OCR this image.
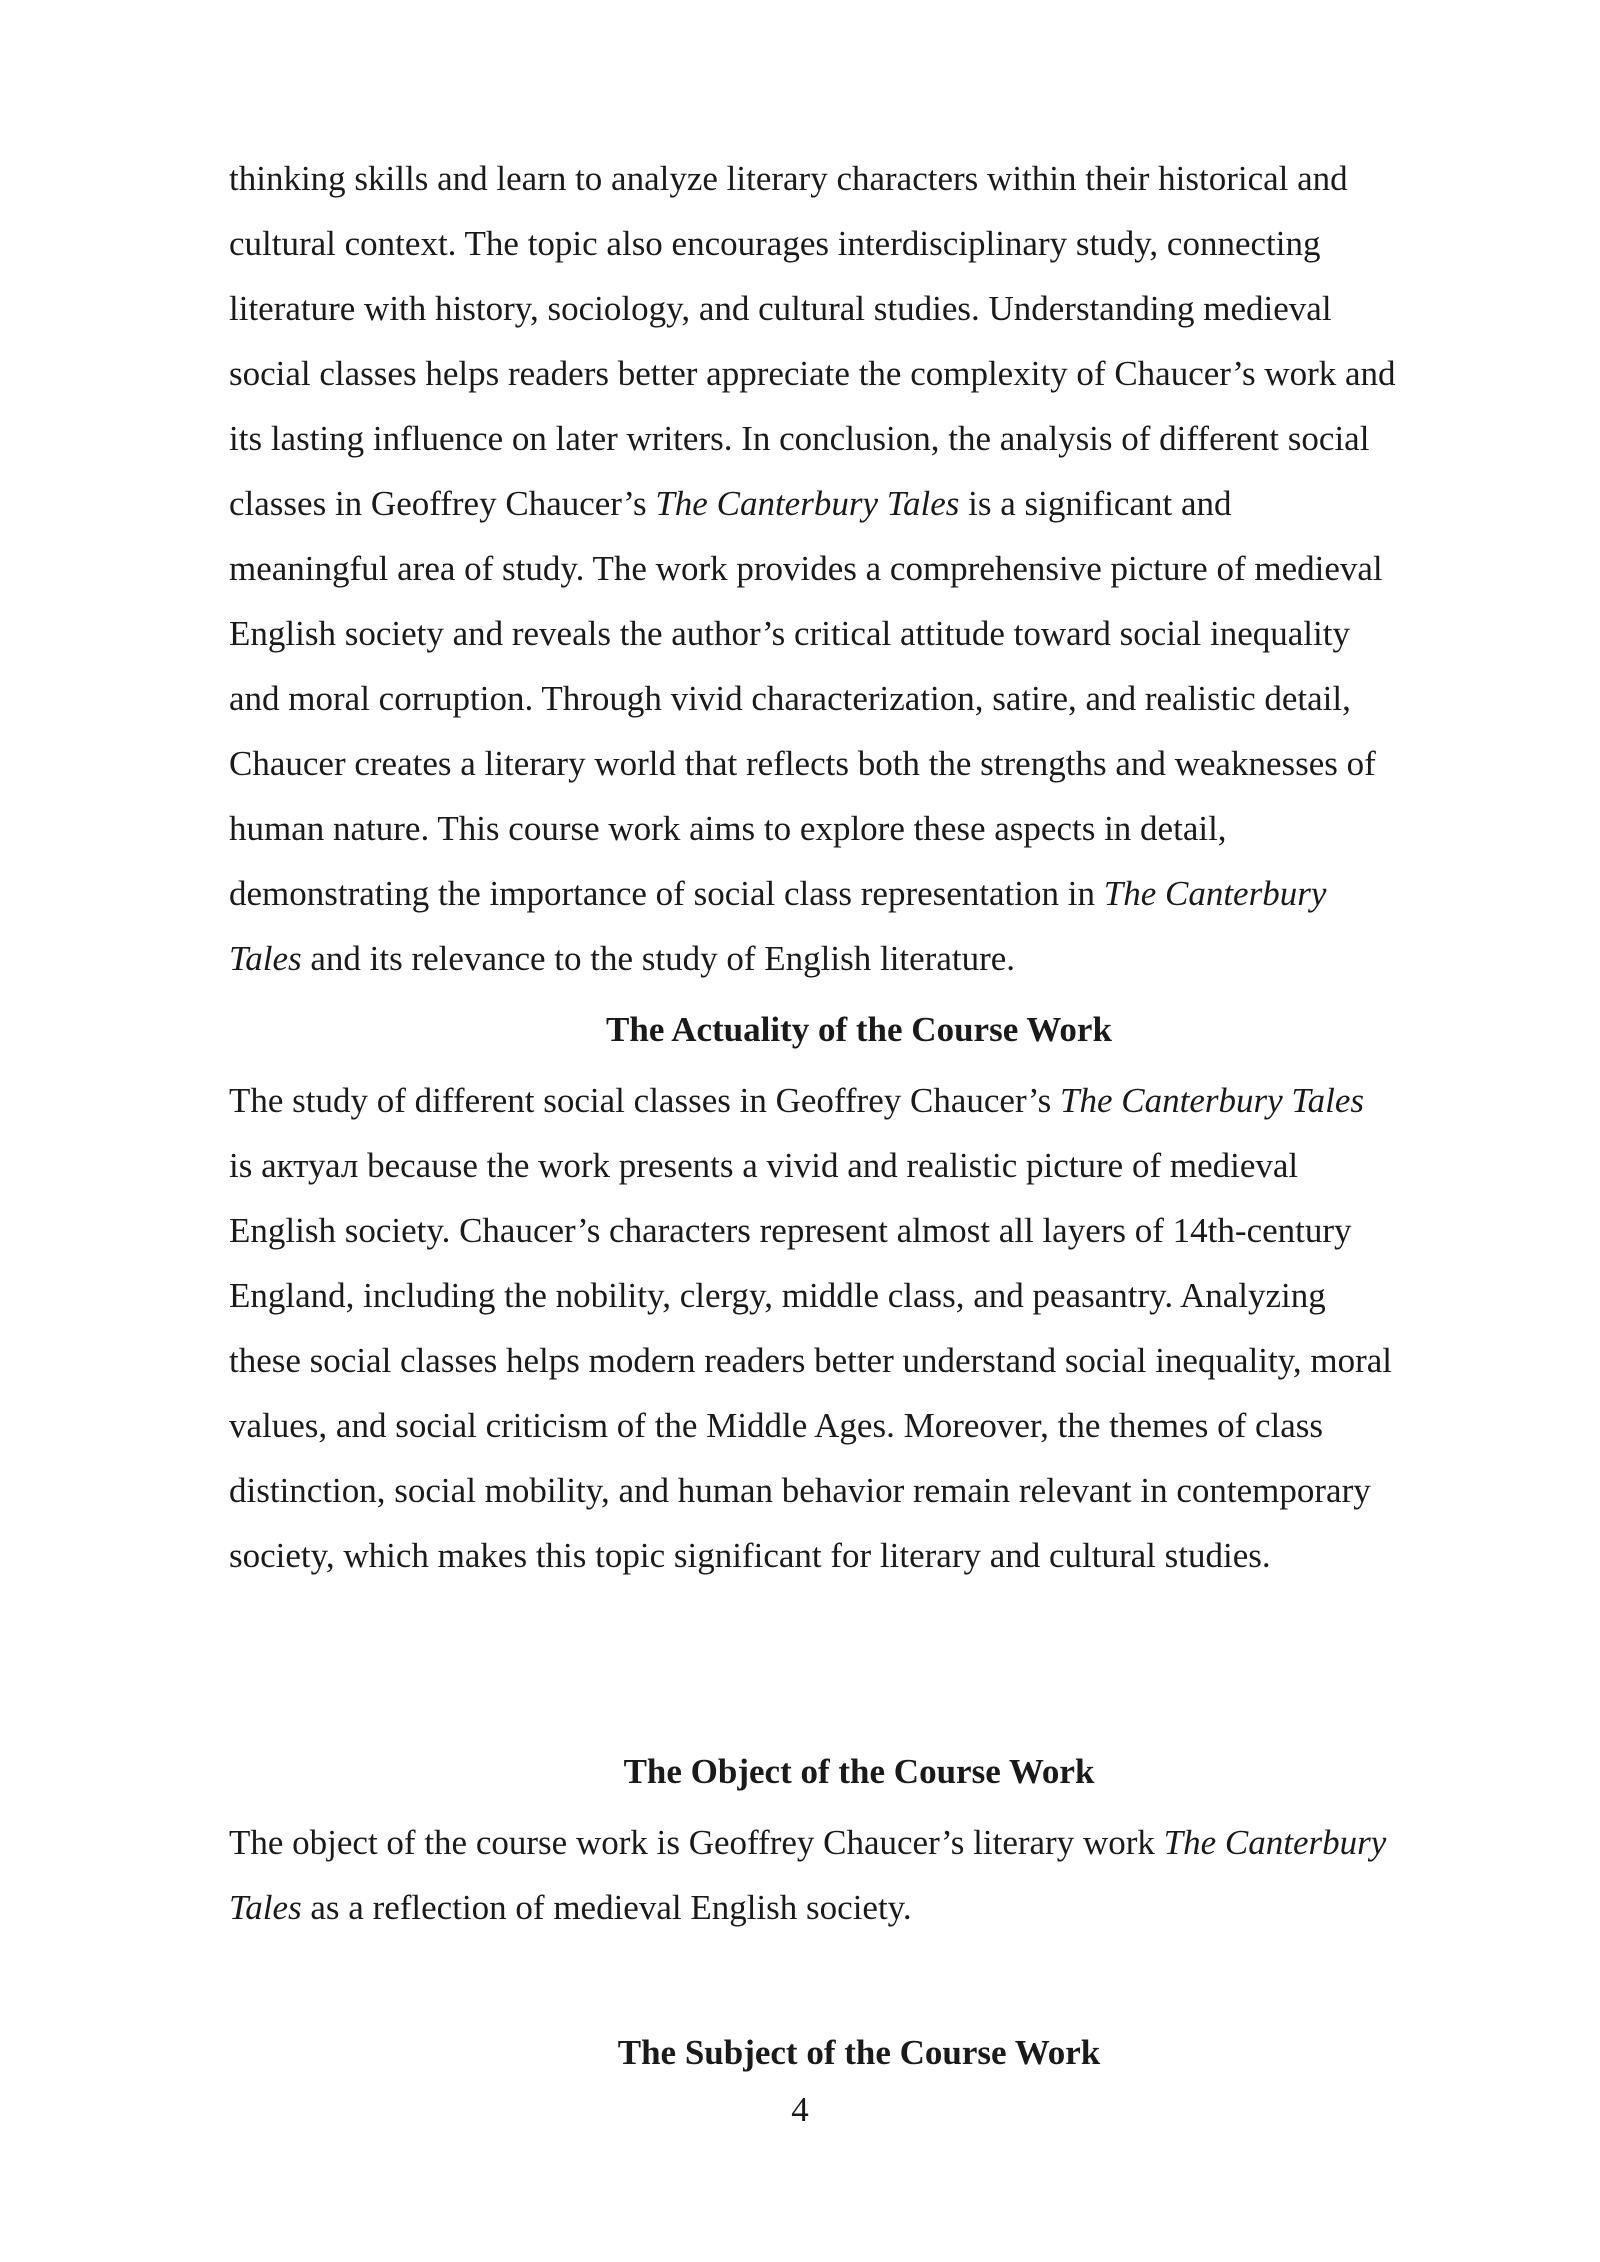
thinking skills and learn to analyze literary characters within their historical and
cultural context. The topic also encourages interdisciplinary study, connecting
literature with history, sociology, and cultural studies. Understanding medieval
social classes helps readers better appreciate the complexity of Chaucer’s work and
its lasting influence on later writers. In conclusion, the analysis of different social
classes in Geoffrey Chaucer’s The Canterbury Tales is a significant and
meaningful area of study. The work provides a comprehensive picture of medieval
English society and reveals the author’s critical attitude toward social inequality
and moral corruption. Through vivid characterization, satire, and realistic detail,
Chaucer creates a literary world that reflects both the strengths and weaknesses of
human nature. This course work aims to explore these aspects in detail,
demonstrating the importance of social class representation in The Canterbury
Tales and its relevance to the study of English literature.
The Actuality of the Course Work
The study of different social classes in Geoffrey Chaucer’s The Canterbury Tales
is актуал because the work presents a vivid and realistic picture of medieval
English society. Chaucer’s characters represent almost all layers of 14th-century
England, including the nobility, clergy, middle class, and peasantry. Analyzing
these social classes helps modern readers better understand social inequality, moral
values, and social criticism of the Middle Ages. Moreover, the themes of class
distinction, social mobility, and human behavior remain relevant in contemporary
society, which makes this topic significant for literary and cultural studies.
The Object of the Course Work
The object of the course work is Geoffrey Chaucer’s literary work The Canterbury
Tales as a reflection of medieval English society.
The Subject of the Course Work
4
